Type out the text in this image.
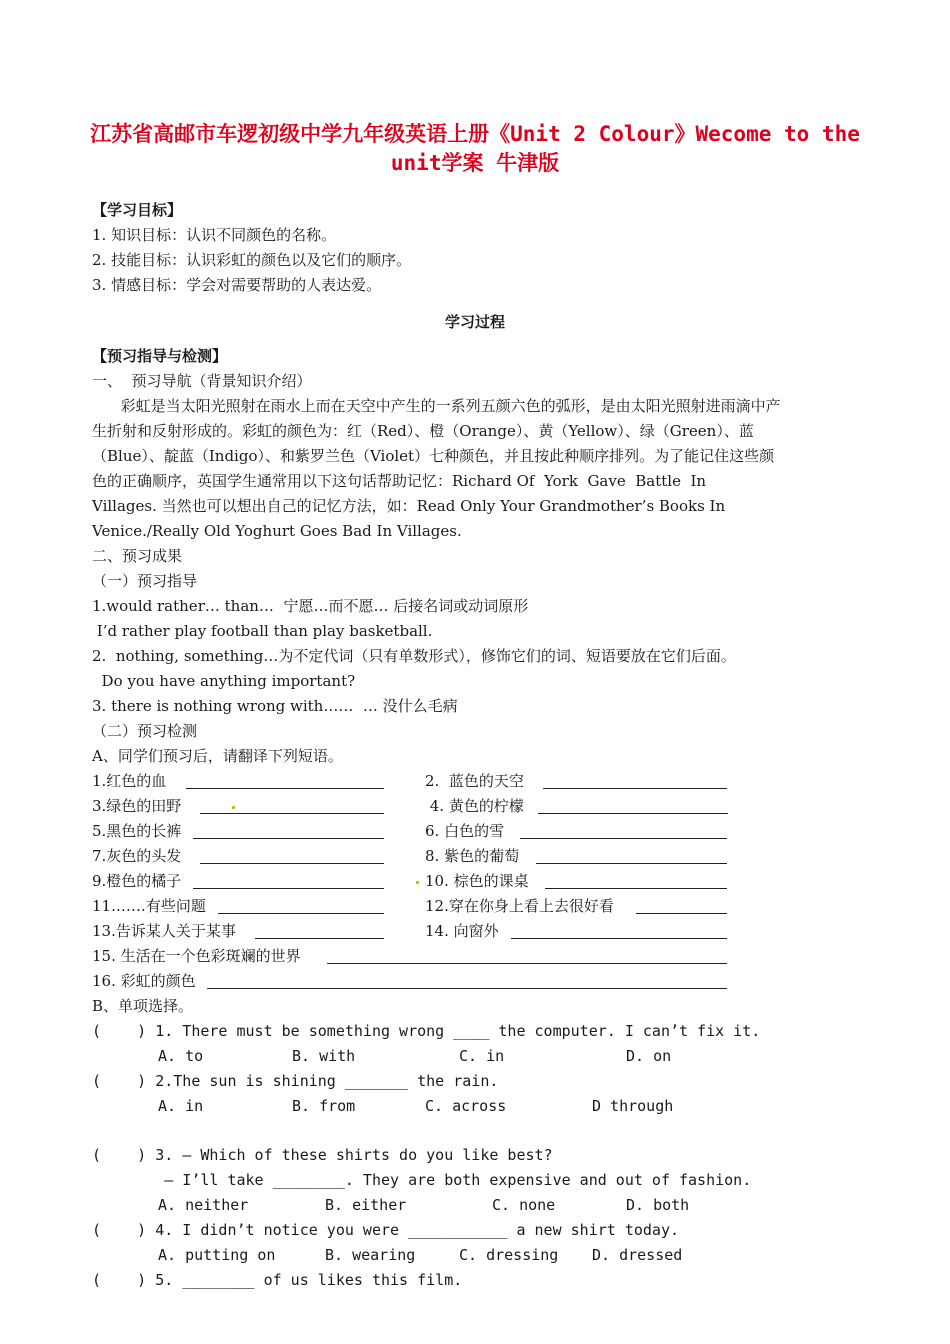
江苏省高邮市车逻初级中学九年级英语上册《Unit 2 Colour》Wecome to the
unit学案 牛津版
【学习目标】
1. 知识目标：认识不同颜色的名称。
2. 技能目标：认识彩虹的颜色以及它们的顺序。
3. 情感目标：学会对需要帮助的人表达爱。
学习过程
【预习指导与检测】
一、  预习导航（背景知识介绍）
彩虹是当太阳光照射在雨水上而在天空中产生的一系列五颜六色的弧形，是由太阳光照射进雨滴中产
生折射和反射形成的。彩虹的颜色为：红（Red）、橙（Orange）、黄（Yellow）、绿（Green）、蓝
（Blue）、靛蓝（Indigo）、和紫罗兰色（Violet）七种颜色，并且按此种顺序排列。为了能记住这些颜
色的正确顺序，英国学生通常用以下这句话帮助记忆：Richard Of  York  Gave  Battle  In
Villages. 当然也可以想出自己的记忆方法，如：Read Only Your Grandmother’s Books In
Venice./Really Old Yoghurt Goes Bad In Villages.
二、预习成果
（一）预习指导
1.would rather… than…  宁愿…而不愿… 后接名词或动词原形
I’d rather play football than play basketball.
2.  nothing, something…为不定代词（只有单数形式），修饰它们的词、短语要放在它们后面。
Do you have anything important?
3. there is nothing wrong with……  … 没什么毛病
（二）预习检测
A、同学们预习后，请翻译下列短语。
1.红色的血	2.  蓝色的天空
3.绿色的田野	4. 黄色的柠檬
5.黑色的长裤	6. 白色的雪
7.灰色的头发	8. 紫色的葡萄
9.橙色的橘子	10. 棕色的课桌
11.……有些问题	12.穿在你身上看上去很好看
13.告诉某人关于某事	14. 向窗外
15. 生活在一个色彩斑斓的世界
16. 彩虹的颜色
B、单项选择。
(    ) 1. There must be something wrong ____ the computer. I can’t fix it.
A. to	B. with	C. in	D. on
(    ) 2.The sun is shining _______ the rain.
A. in	B. from	C. across	D through
(    ) 3. — Which of these shirts do you like best?
— I’ll take ________. They are both expensive and out of fashion.
A. neither	B. either	C. none	D. both
(    ) 4. I didn’t notice you were ___________ a new shirt today.
A. putting on	B. wearing	C. dressing D. dressed
(    ) 5. ________ of us likes this film.
